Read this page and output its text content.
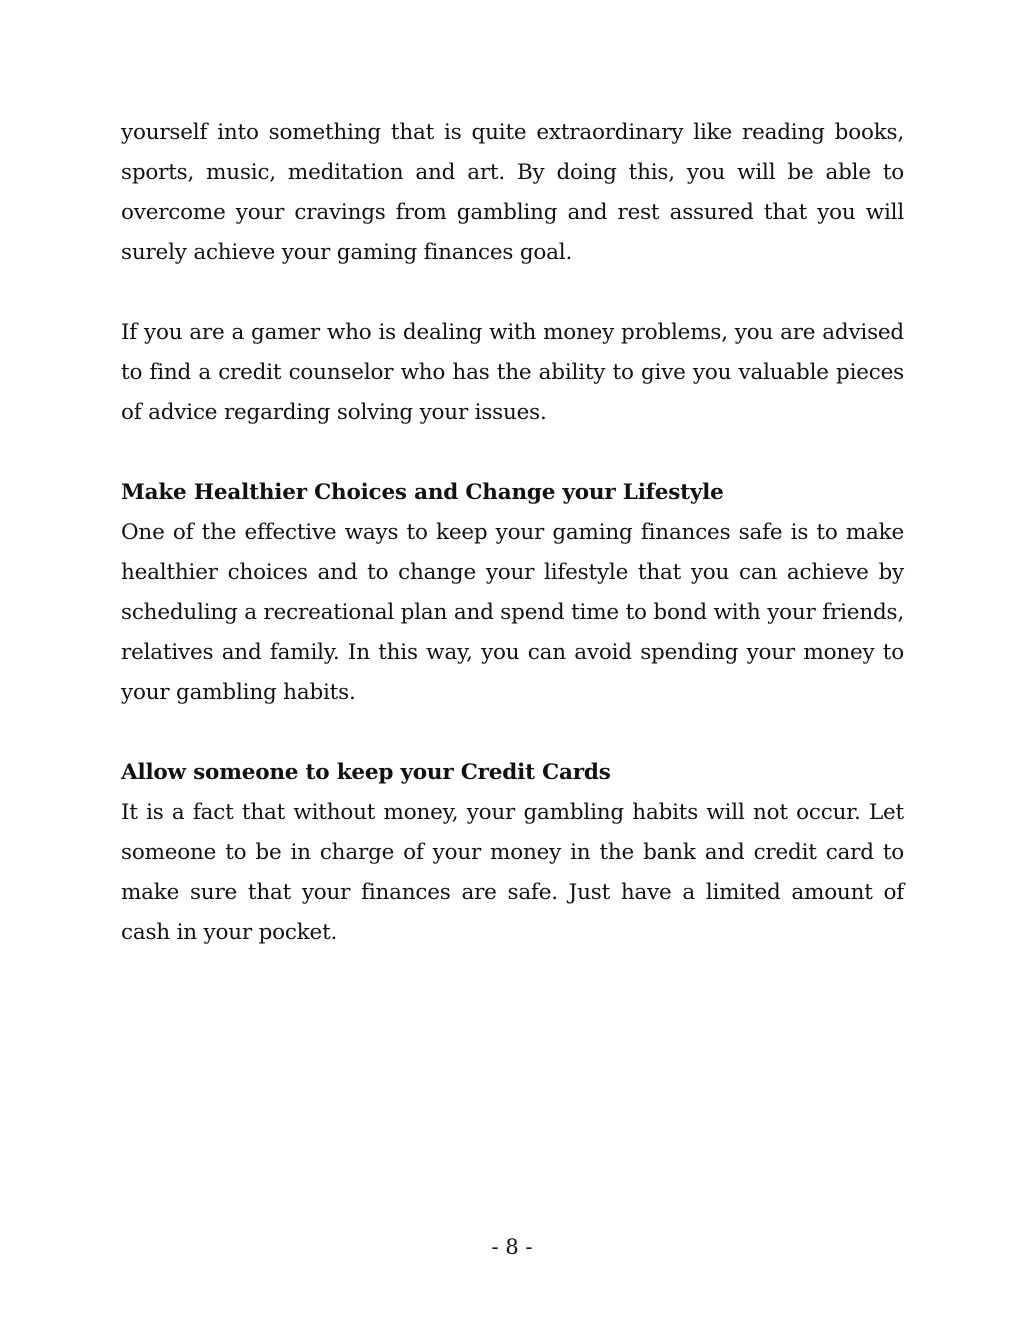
yourself into something that is quite extraordinary like reading books, sports, music, meditation and art. By doing this, you will be able to overcome your cravings from gambling and rest assured that you will surely achieve your gaming finances goal.

If you are a gamer who is dealing with money problems, you are advised to find a credit counselor who has the ability to give you valuable pieces of advice regarding solving your issues.

Make Healthier Choices and Change your Lifestyle

One of the effective ways to keep your gaming finances safe is to make healthier choices and to change your lifestyle that you can achieve by scheduling a recreational plan and spend time to bond with your friends, relatives and family. In this way, you can avoid spending your money to your gambling habits.

Allow someone to keep your Credit Cards

It is a fact that without money, your gambling habits will not occur. Let someone to be in charge of your money in the bank and credit card to make sure that your finances are safe. Just have a limited amount of cash in your pocket.

- 8 -
